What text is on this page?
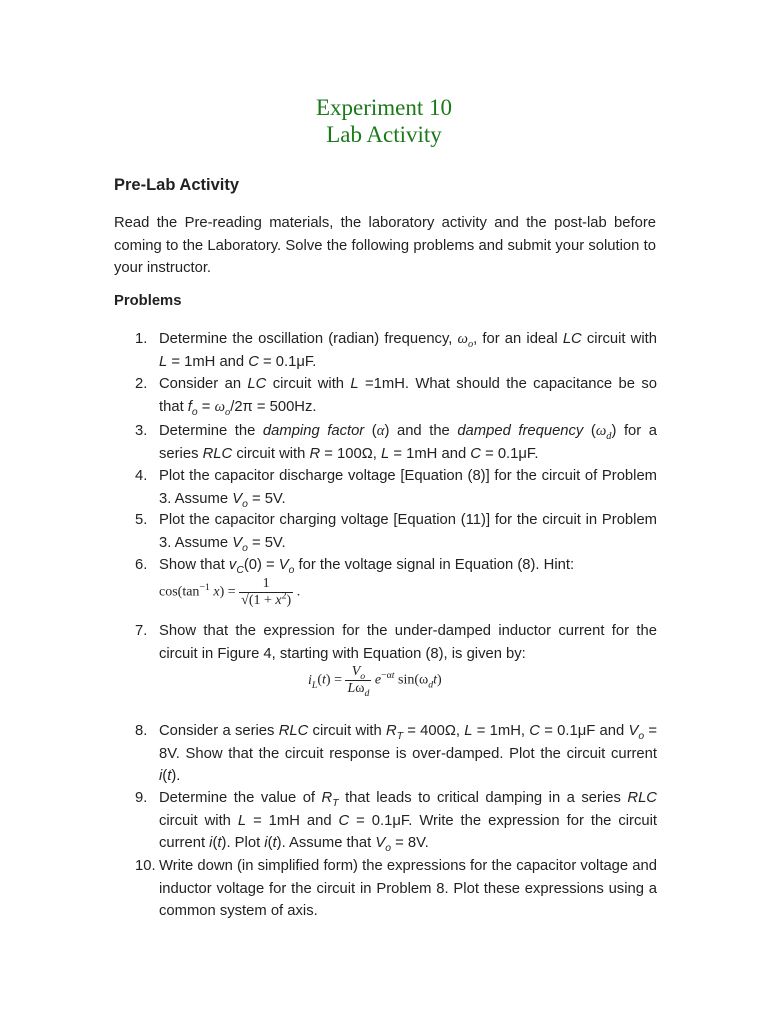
Experiment 10
Lab Activity
Pre-Lab Activity
Read the Pre-reading materials, the laboratory activity and the post-lab before coming to the Laboratory. Solve the following problems and submit your solution to your instructor.
Problems
1. Determine the oscillation (radian) frequency, $\omega_o$, for an ideal LC circuit with L = 1mH and C = 0.1μF.
2. Consider an LC circuit with L =1mH. What should the capacitance be so that $f_o = \omega_o/2\pi = 500Hz$.
3. Determine the damping factor (α) and the damped frequency $(\omega_d)$ for a series RLC circuit with R = 100Ω, L = 1mH and C = 0.1μF.
4. Plot the capacitor discharge voltage [Equation (8)] for the circuit of Problem 3. Assume $V_o = 5V$.
5. Plot the capacitor charging voltage [Equation (11)] for the circuit in Problem 3. Assume $V_o = 5V$.
6. Show that $v_C(0) = V_o$ for the voltage signal in Equation (8). Hint:
$\cos(\tan^{-1}$ $x) = \frac{1}{√(1 + x^2)}$ .
7. Show that the expression for the under-damped inductor current for the circuit in Figure 4, starting with Equation (8), is given by:
$i_L(t) = \frac{V_o}{L\omega_d} e^{-\alpha t}$ $\sin(\omega_dt)$
8. Consider a series RLC circuit with $R_T = 400\Omega$, L = 1mH, C = 0.1μF and $V_o = 8V$. Show that the circuit response is over-damped. Plot the circuit current i(t).
9. Determine the value of $R_T$ that leads to critical damping in a series RLC circuit with L = 1mH and C = 0.1μF. Write the expression for the circuit current i(t). Plot i(t). Assume that $V_o = 8V$.
10. Write down (in simplified form) the expressions for the capacitor voltage and inductor voltage for the circuit in Problem 8. Plot these expressions using a common system of axis.
